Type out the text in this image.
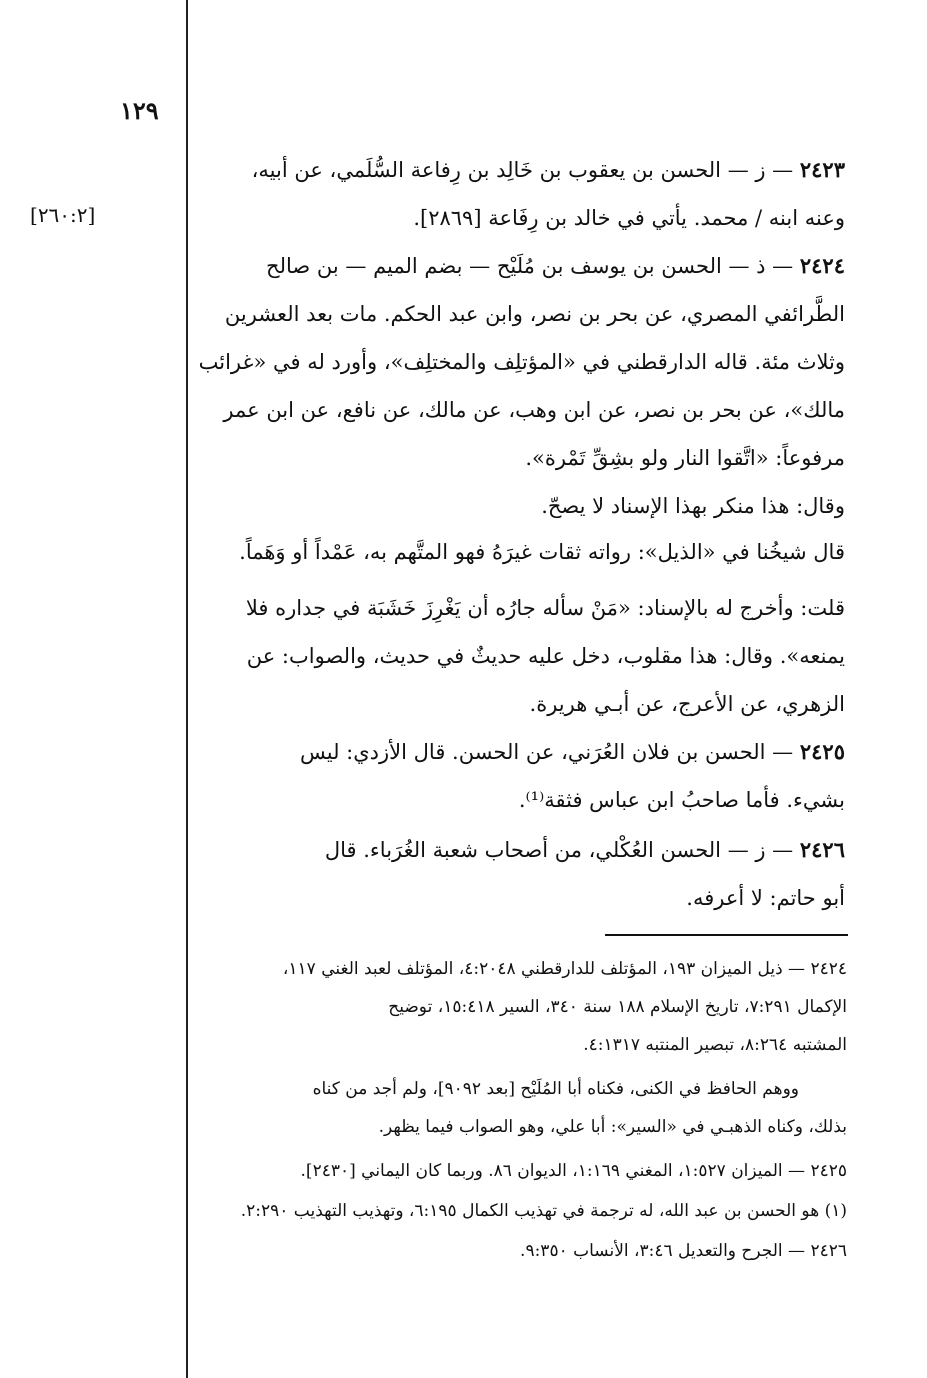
١٢٩
[٢٦٠:٢]
٢٤٢٣ — ز — الحسن بن يعقوب بن خَالِد بن رِفاعة السُّلَمي، عن أبيه،
وعنه ابنه / محمد. يأتي في خالد بن رِفَاعة [٢٨٦٩].
٢٤٢٤ — ذ — الحسن بن يوسف بن مُلَيْح — بضم الميم — بن صالح
الطَّرائفي المصري، عن بحر بن نصر، وابن عبد الحكم. مات بعد العشرين
وثلاث مئة. قاله الدارقطني في «المؤتلِف والمختلِف»، وأورد له في «غرائب
مالك»، عن بحر بن نصر، عن ابن وهب، عن مالك، عن نافع، عن ابن عمر
مرفوعاً: «اتَّقوا النار ولو بشِقِّ تَمْرة».
وقال: هذا منكر بهذا الإسناد لا يصحّ.
قال شيخُنا في «الذيل»: رواته ثقات غيرَهُ فهو المتَّهم به، عَمْداً أو وَهَماً.
قلت: وأخرج له بالإسناد: «مَنْ سأله جارُه أن يَغْرِزَ خَشَبَة في جداره فلا
يمنعه». وقال: هذا مقلوب، دخل عليه حديثٌ في حديث، والصواب: عن
الزهري، عن الأعرج، عن أبـي هريرة.
٢٤٢٥ — الحسن بن فلان العُرَني، عن الحسن. قال الأزدي: ليس
بشيء. فأما صاحبُ ابن عباس فثقة⁽¹⁾.
٢٤٢٦ — ز — الحسن العُكْلي، من أصحاب شعبة الغُرَباء. قال
أبو حاتم: لا أعرفه.
٢٤٢٤ — ذيل الميزان ١٩٣، المؤتلف للدارقطني ٤:٢٠٤٨، المؤتلف لعبد الغني ١١٧،
الإكمال ٧:٢٩١، تاريخ الإسلام ١٨٨ سنة ٣٤٠، السير ١٥:٤١٨، توضيح
المشتبه ٨:٢٦٤، تبصير المنتبه ٤:١٣١٧.
ووهم الحافظ في الكنى، فكناه أبا المُلَيْح [بعد ٩٠٩٢]، ولم أجد من كناه
بذلك، وكناه الذهبـي في «السير»: أبا علي، وهو الصواب فيما يظهر.
٢٤٢٥ — الميزان ١:٥٢٧، المغني ١:١٦٩، الديوان ٨٦. وربما كان اليماني [٢٤٣٠].
(١) هو الحسن بن عبد الله، له ترجمة في تهذيب الكمال ٦:١٩٥، وتهذيب التهذيب ٢:٢٩٠.
٢٤٢٦ — الجرح والتعديل ٣:٤٦، الأنساب ٩:٣٥٠.
